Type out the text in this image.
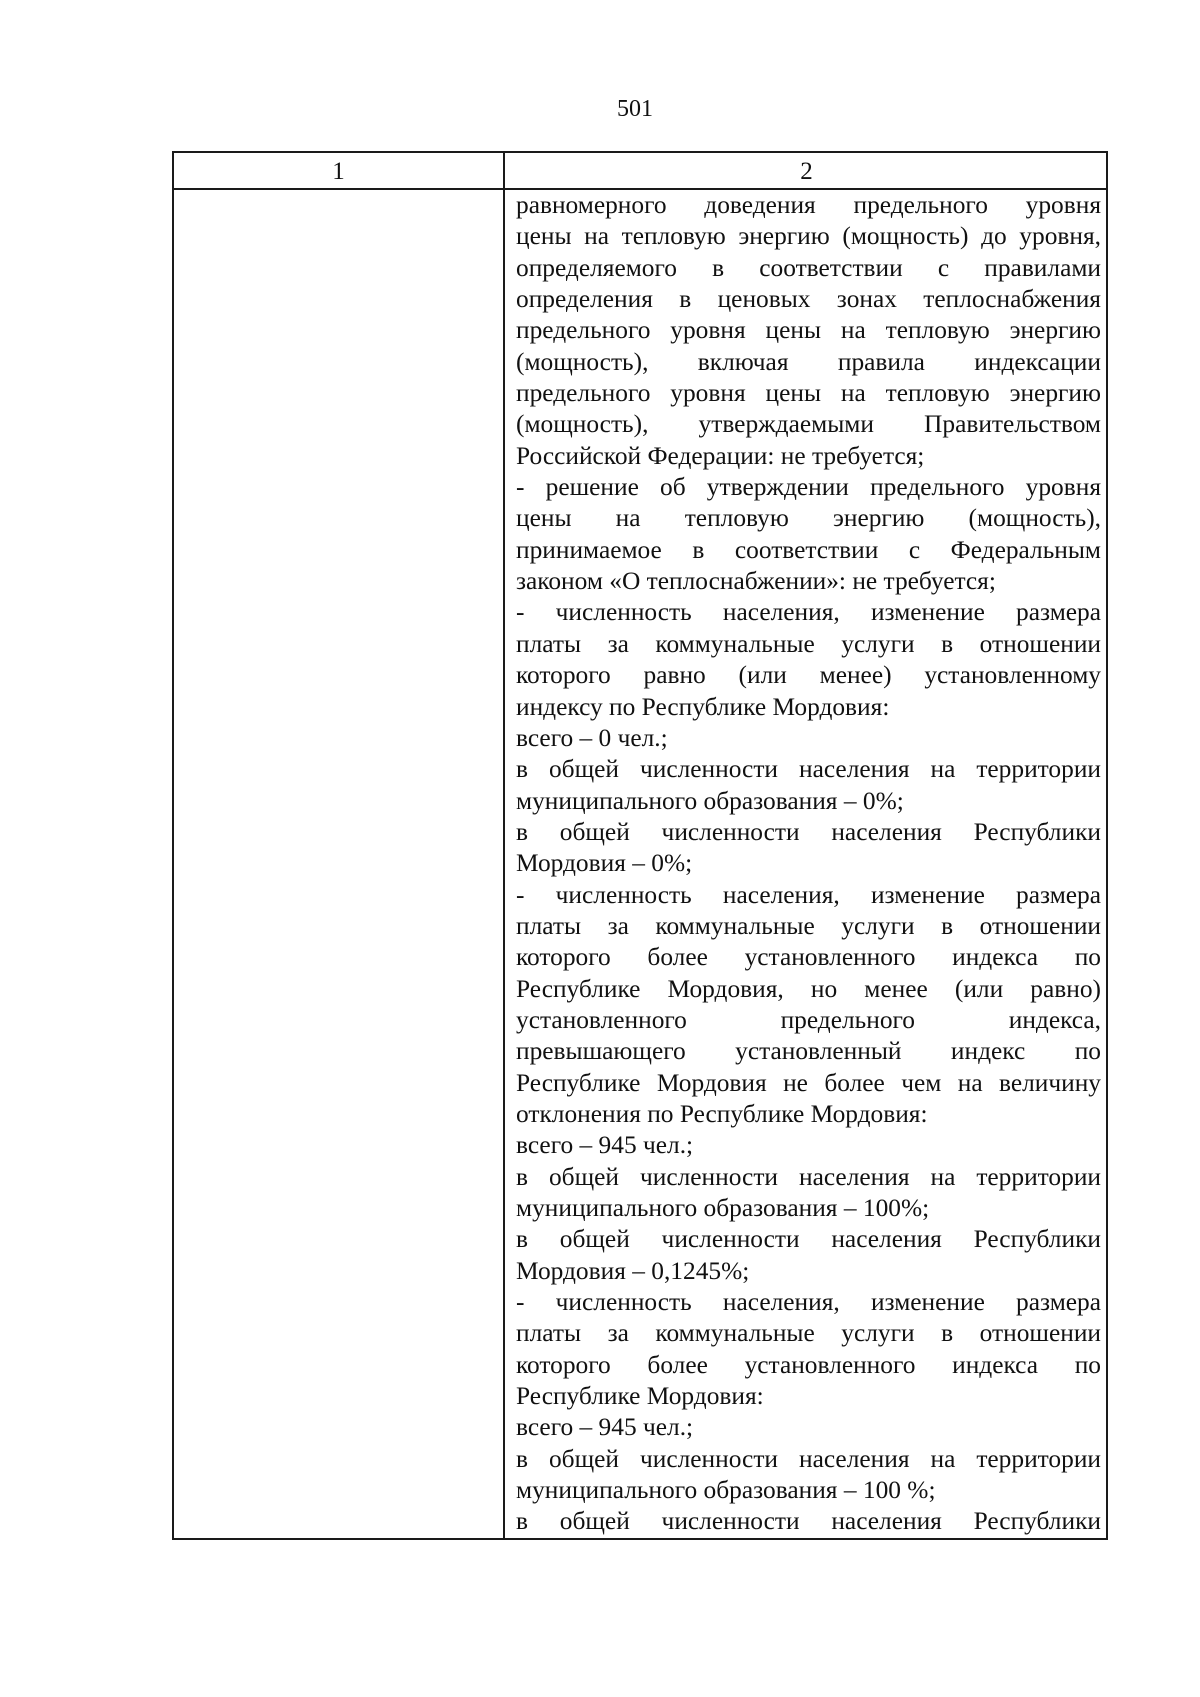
501
1	2
равномерного доведения предельного уровня
цены на тепловую энергию (мощность) до уровня,
определяемого в соответствии с правилами
определения в ценовых зонах теплоснабжения
предельного уровня цены на тепловую энергию
(мощность), включая правила индексации
предельного уровня цены на тепловую энергию
(мощность), утверждаемыми Правительством
Российской Федерации: не требуется;
- решение об утверждении предельного уровня
цены на тепловую энергию (мощность),
принимаемое в соответствии с Федеральным
законом «О теплоснабжении»: не требуется;
- численность населения, изменение размера
платы за коммунальные услуги в отношении
которого равно (или менее) установленному
индексу по Республике Мордовия:
всего – 0 чел.;
в общей численности населения на территории
муниципального образования – 0%;
в общей численности населения Республики
Мордовия – 0%;
- численность населения, изменение размера
платы за коммунальные услуги в отношении
которого более установленного индекса по
Республике Мордовия, но менее (или равно)
установленного предельного индекса,
превышающего установленный индекс по
Республике Мордовия не более чем на величину
отклонения по Республике Мордовия:
всего – 945 чел.;
в общей численности населения на территории
муниципального образования – 100%;
в общей численности населения Республики
Мордовия – 0,1245%;
- численность населения, изменение размера
платы за коммунальные услуги в отношении
которого более установленного индекса по
Республике Мордовия:
всего – 945 чел.;
в общей численности населения на территории
муниципального образования – 100 %;
в общей численности населения Республики
